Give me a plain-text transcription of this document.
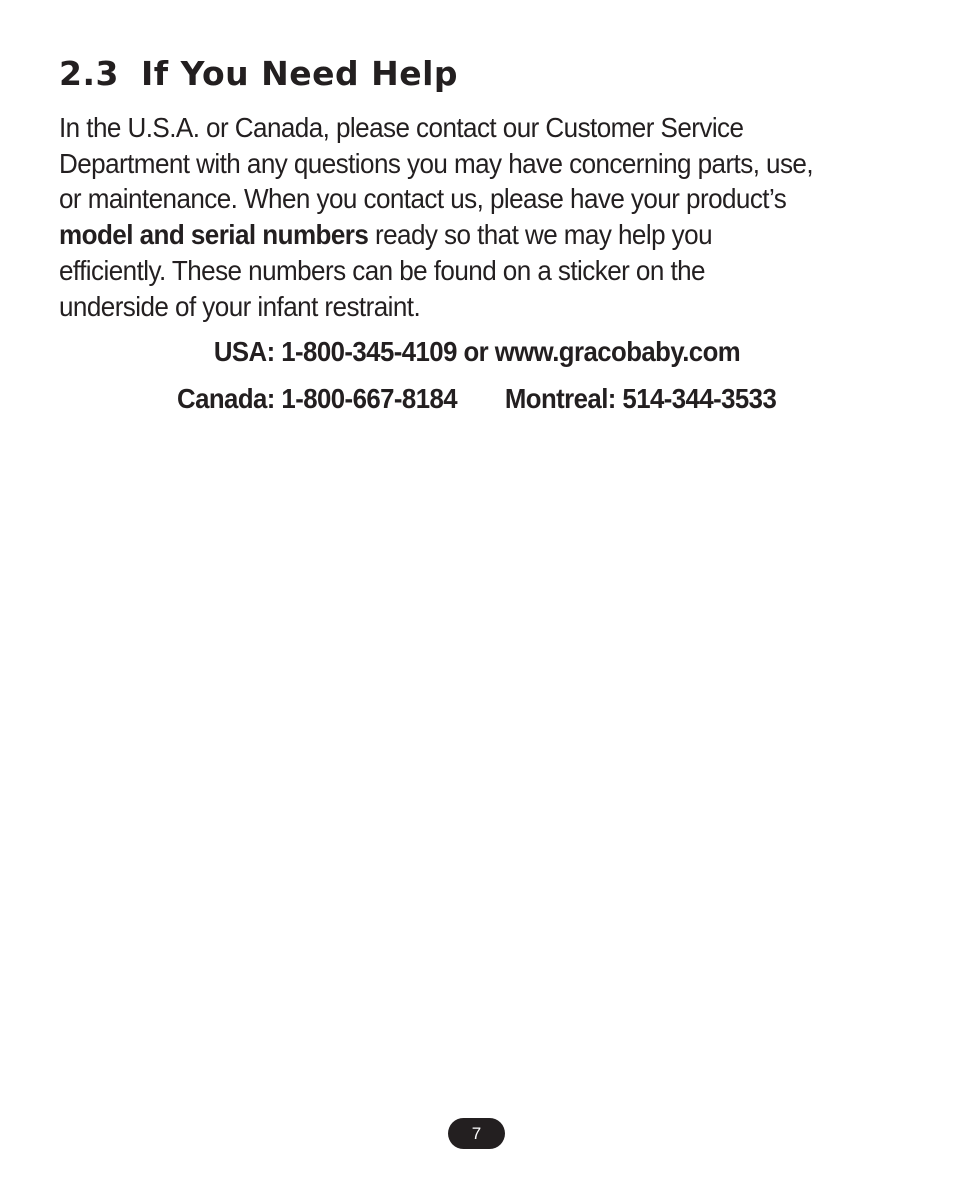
2.3 If You Need Help

In the U.S.A. or Canada, please contact our Customer Service
Department with any questions you may have concerning parts, use,
or maintenance. When you contact us, please have your product’s
model and serial numbers ready so that we may help you
efficiently. These numbers can be found on a sticker on the
underside of your infant restraint.

USA: 1-800-345-4109 or www.gracobaby.com

Canada: 1-800-667-8184 Montreal: 514-344-3533

7
